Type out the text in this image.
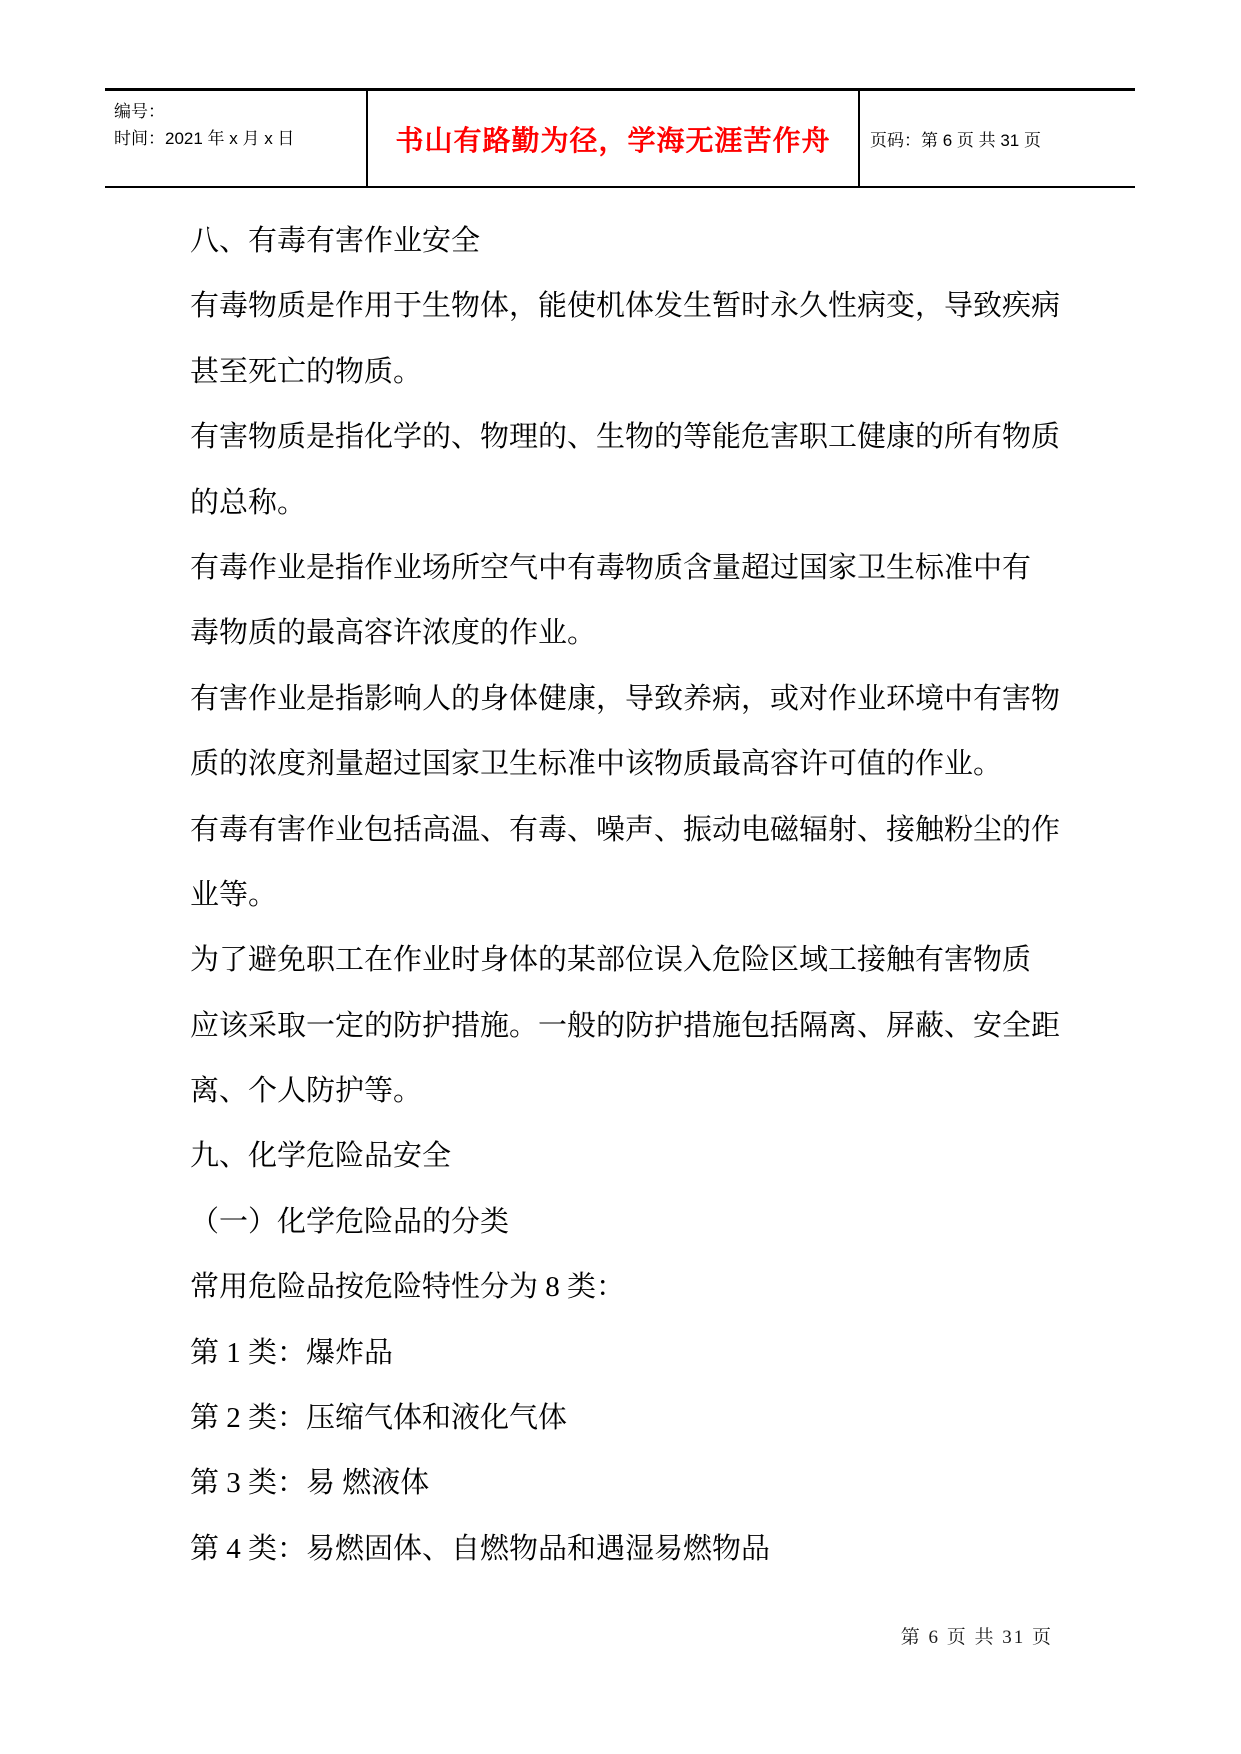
编号：
时间：2021 年 x 月 x 日	书山有路勤为径，学海无涯苦作舟 页码：第 6 页 共 31 页
八、有毒有害作业安全
有毒物质是作用于生物体，能使机体发生暂时永久性病变，导致疾病
甚至死亡的物质。
有害物质是指化学的、物理的、生物的等能危害职工健康的所有物质
的总称。
有毒作业是指作业场所空气中有毒物质含量超过国家卫生标准中有
毒物质的最高容许浓度的作业。
有害作业是指影响人的身体健康，导致养病，或对作业环境中有害物
质的浓度剂量超过国家卫生标准中该物质最高容许可值的作业。
有毒有害作业包括高温、有毒、噪声、振动电磁辐射、接触粉尘的作
业等。
为了避免职工在作业时身体的某部位误入危险区域工接触有害物质
应该采取一定的防护措施。一般的防护措施包括隔离、屏蔽、安全距
离、个人防护等。
九、化学危险品安全
（一）化学危险品的分类
常用危险品按危险特性分为 8 类：
第 1 类：爆炸品
第 2 类：压缩气体和液化气体
第 3 类：易 燃液体
第 4 类：易燃固体、自燃物品和遇湿易燃物品
第 6 页 共 31 页
